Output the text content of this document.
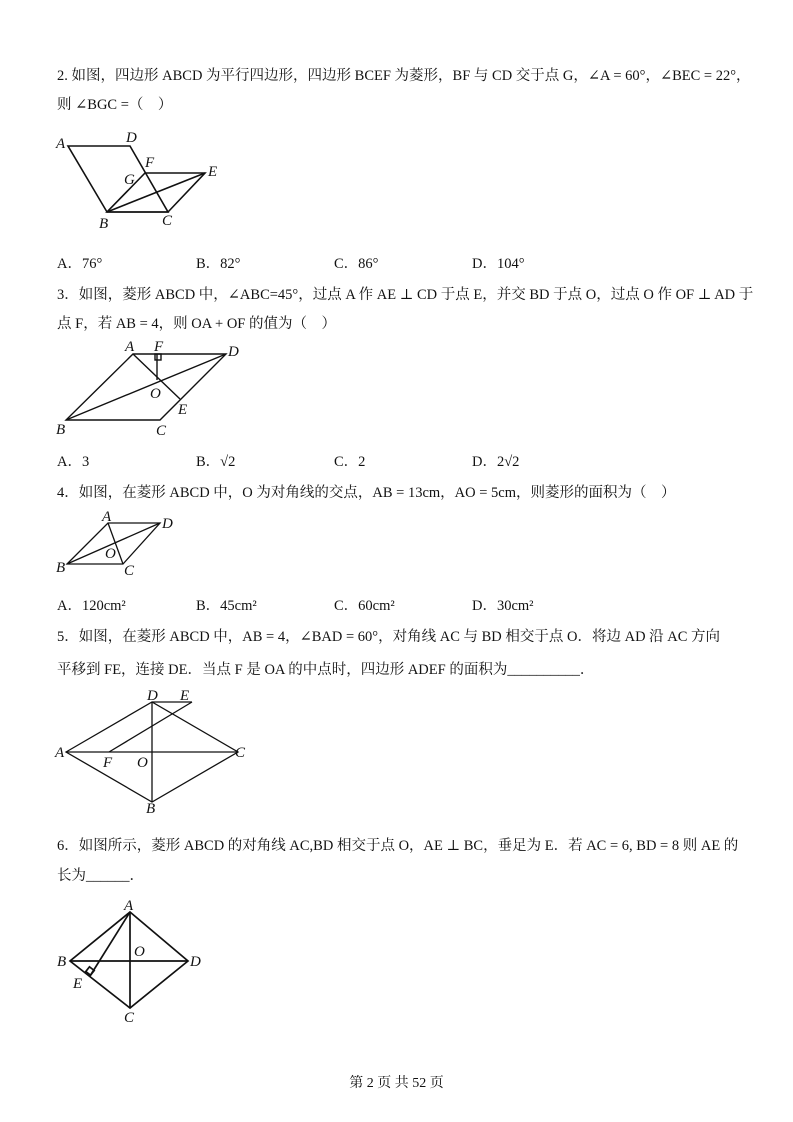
2. 如图，四边形 ABCD 为平行四边形，四边形 BCEF 为菱形，BF 与 CD 交于点 G，∠A = 60°，∠BEC = 22°，
则 ∠BGC =（　）
A	D
F
G	E
B	C
A F	D
O
E
B	C
A	D
O
B	C
D E
A
F O
C
B
A
B
O
D
E
C
A．76°	B．82°	C．86°	D．104°
3．如图，菱形 ABCD 中，∠ABC=45°，过点 A 作 AE ⊥ CD 于点 E，并交 BD 于点 O，过点 O 作 OF ⊥ AD 于
点 F，若 AB = 4，则 OA + OF 的值为（　）
A．3	B．√2	C．2	D．2√2
4．如图，在菱形 ABCD 中，O 为对角线的交点，AB = 13cm，AO = 5cm，则菱形的面积为（　）
A．120cm²	B．45cm²	C．60cm²	D．30cm²
5．如图，在菱形 ABCD 中，AB = 4，∠BAD = 60°，对角线 AC 与 BD 相交于点 O．将边 AD 沿 AC 方向
平移到 FE，连接 DE．当点 F 是 OA 的中点时，四边形 ADEF 的面积为__________．
6．如图所示，菱形 ABCD 的对角线 AC,BD 相交于点 O，AE ⊥ BC，垂足为 E．若 AC = 6, BD = 8 则 AE 的
长为______．
第 2 页 共 52 页
